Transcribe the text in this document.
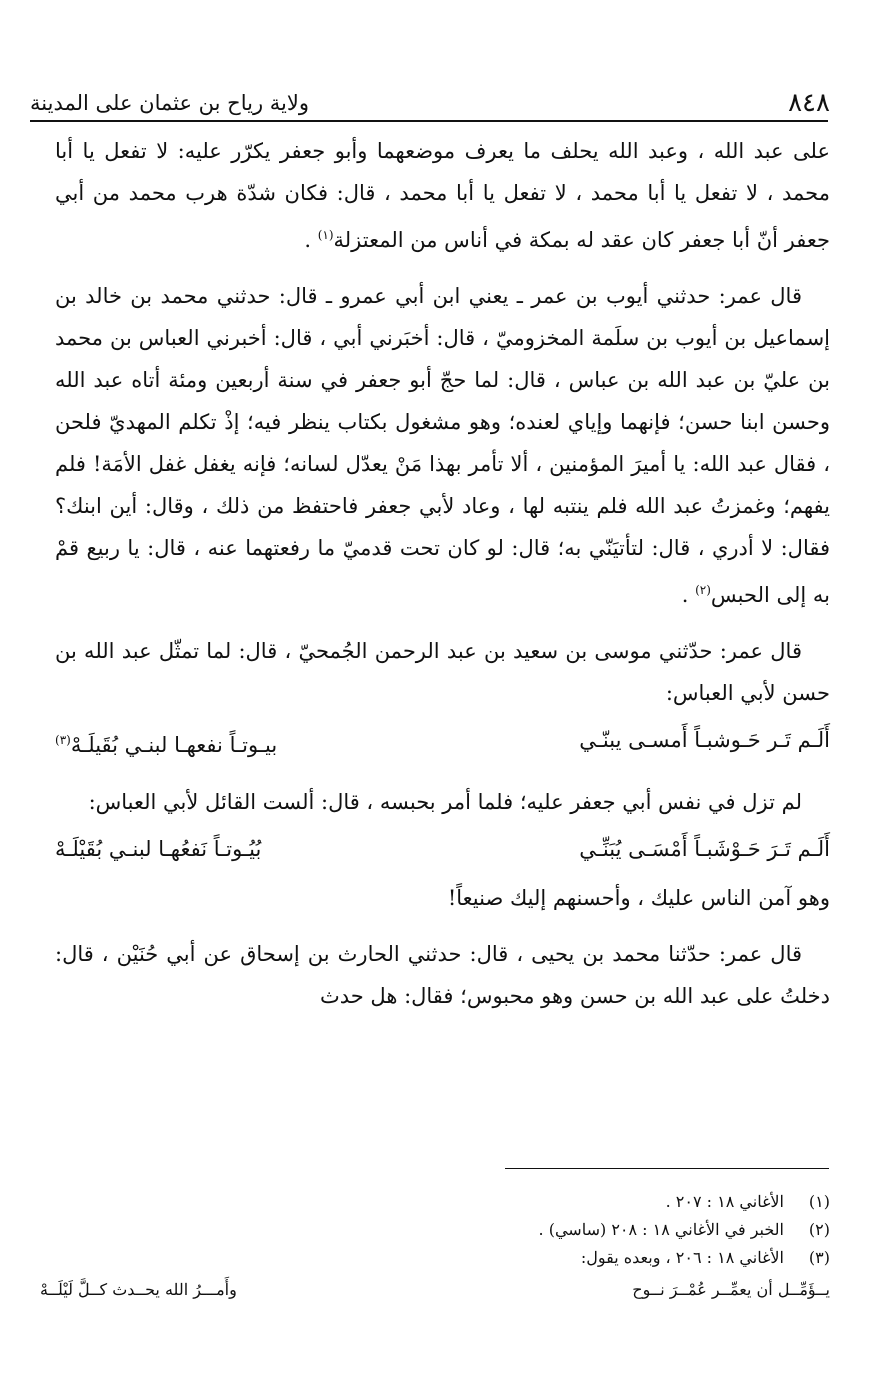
٨٤٨
ولاية رياح بن عثمان على المدينة

على عبد الله ، وعبد الله يحلف ما يعرف موضعهما وأبو جعفر يكرّر عليه: لا تفعل يا أبا محمد ، لا تفعل يا أبا محمد ، لا تفعل يا أبا محمد ، قال: فكان شدّة هرب محمد من أبي جعفر أنّ أبا جعفر كان عقد له بمكة في أناس من المعتزلة$^{(١)}$ .

قال عمر: حدثني أيوب بن عمر ـ يعني ابن أبي عمرو ـ قال: حدثني محمد بن خالد بن إسماعيل بن أيوب بن سلَمة المخزوميّ ، قال: أخبَرني أبي ، قال: أخبرني العباس بن محمد بن عليّ بن عبد الله بن عباس ، قال: لما حجّ أبو جعفر في سنة أربعين ومئة أتاه عبد الله وحسن ابنا حسن؛ فإنهما وإياي لعنده؛ وهو مشغول بكتاب ينظر فيه؛ إذْ تكلم المهديّ فلحن ، فقال عبد الله: يا أميرَ المؤمنين ، ألا تأمر بهذا مَنْ يعدّل لسانه؛ فإنه يغفل غفل الأمَة! فلم يفهم؛ وغمزتُ عبد الله فلم ينتبه لها ، وعاد لأبي جعفر فاحتفظ من ذلك ، وقال: أين ابنك؟ فقال: لا أدري ، قال: لتأتيَنّي به؛ قال: لو كان تحت قدميّ ما رفعتهما عنه ، قال: يا ربيع قمْ به إلى الحبس$^{(٢)}$ .

قال عمر: حدّثني موسى بن سعيد بن عبد الرحمن الجُمحيّ ، قال: لما تمثّل عبد الله بن حسن لأبي العباس:

أَلَـم تَـر حَـوشبـاً أَمسـى يبنّـي
بيـوتـاً نفعهـا لبنـي بُقَيلَـهْ$^{(٣)}$

لم تزل في نفس أبي جعفر عليه؛ فلما أمر بحبسه ، قال: ألست القائل لأبي العباس:

أَلَـم تَـرَ حَـوْشَبـاً أَمْسَـى يُبَنِّـي
بُيُـوتـاً نَفعُهـا لبنـي بُقَيْلَـهْ

وهو آمن الناس عليك ، وأحسنهم إليك صنيعاً!

قال عمر: حدّثنا محمد بن يحيى ، قال: حدثني الحارث بن إسحاق عن أبي حُنَيْن ، قال: دخلتُ على عبد الله بن حسن وهو محبوس؛ فقال: هل حدث

(١)
الأغاني ١٨ : ٢٠٧ .
(٢)
الخبر في الأغاني ١٨ : ٢٠٨ (ساسي) .
(٣)
الأغاني ١٨ : ٢٠٦ ، وبعده يقول:
يــؤَمِّــل أن يعمِّــر عُمْــرَ نــوح
وأَمـــرُ الله يحــدث كــلَّ لَيْلَــهْ
